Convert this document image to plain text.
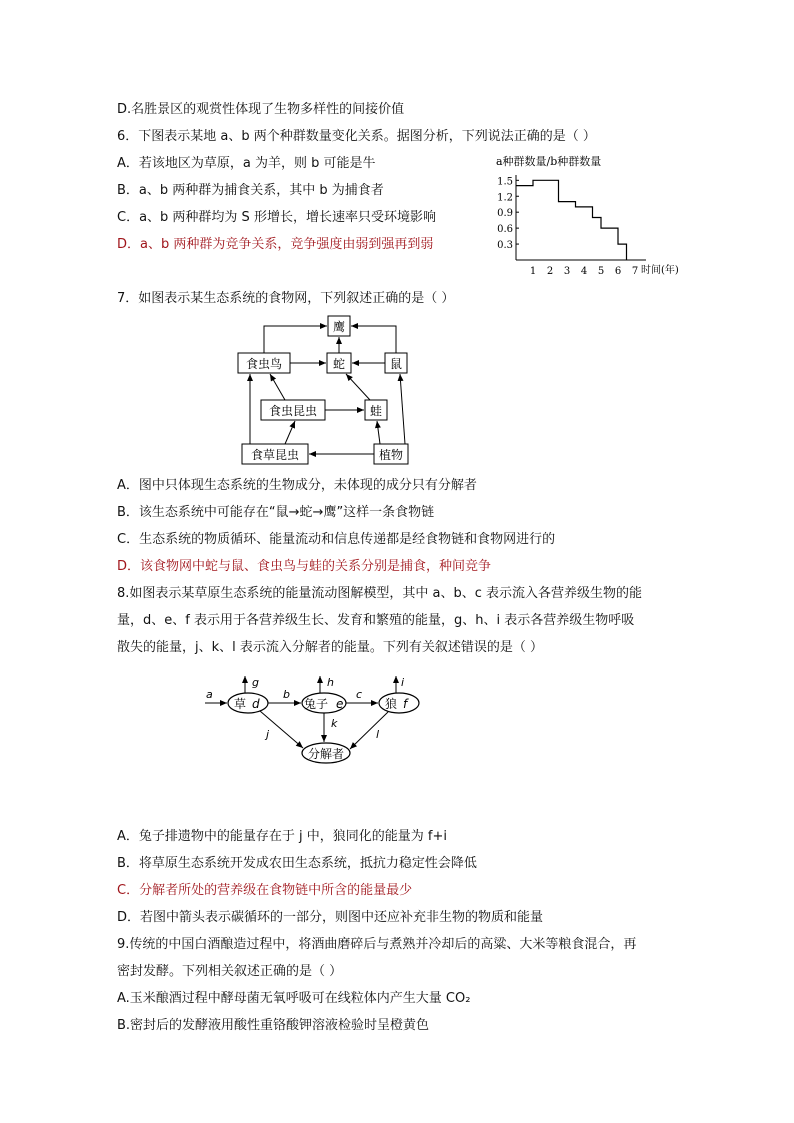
D.名胜景区的观赏性体现了生物多样性的间接价值
6．下图表示某地 a、b 两个种群数量变化关系。据图分析，下列说法正确的是（ ）
A．若该地区为草原，a 为羊，则 b 可能是牛
B．a、b 两种群为捕食关系，其中 b 为捕食者
C．a、b 两种群均为 S 形增长，增长速率只受环境影响
D．a、b 两种群为竞争关系，竞争强度由弱到强再到弱
a种群数量/b种群数量
0.3
0.6
0.9
1.2
1.5
1 2 3 4 5 6 7 时间(年)
7．如图表示某生态系统的食物网，下列叙述正确的是（ ）
鹰
食虫鸟	蛇	鼠
食虫昆虫	蛙
食草昆虫	植物
A．图中只体现生态系统的生物成分，未体现的成分只有分解者
B．该生态系统中可能存在“鼠→蛇→鹰”这样一条食物链
C．生态系统的物质循环、能量流动和信息传递都是经食物链和食物网进行的
D．该食物网中蛇与鼠、食虫鸟与蛙的关系分别是捕食，种间竞争
8.如图表示某草原生态系统的能量流动图解模型，其中 a、b、c 表示流入各营养级生物的能
量，d、e、f 表示用于各营养级生长、发育和繁殖的能量，g、h、i 表示各营养级生物呼吸
散失的能量，j、k、l 表示流入分解者的能量。下列有关叙述错误的是（ ）
草 d	兔子 e	狼 f
分解者
a	b	c
g	h	i
j
k
l
A．兔子排遗物中的能量存在于 j 中，狼同化的能量为 f+i
B．将草原生态系统开发成农田生态系统，抵抗力稳定性会降低
C．分解者所处的营养级在食物链中所含的能量最少
D．若图中箭头表示碳循环的一部分，则图中还应补充非生物的物质和能量
9.传统的中国白酒酿造过程中，将酒曲磨碎后与煮熟并冷却后的高粱、大米等粮食混合，再
密封发酵。下列相关叙述正确的是（ ）
A.玉米酿酒过程中酵母菌无氧呼吸可在线粒体内产生大量 CO₂
B.密封后的发酵液用酸性重铬酸钾溶液检验时呈橙黄色
